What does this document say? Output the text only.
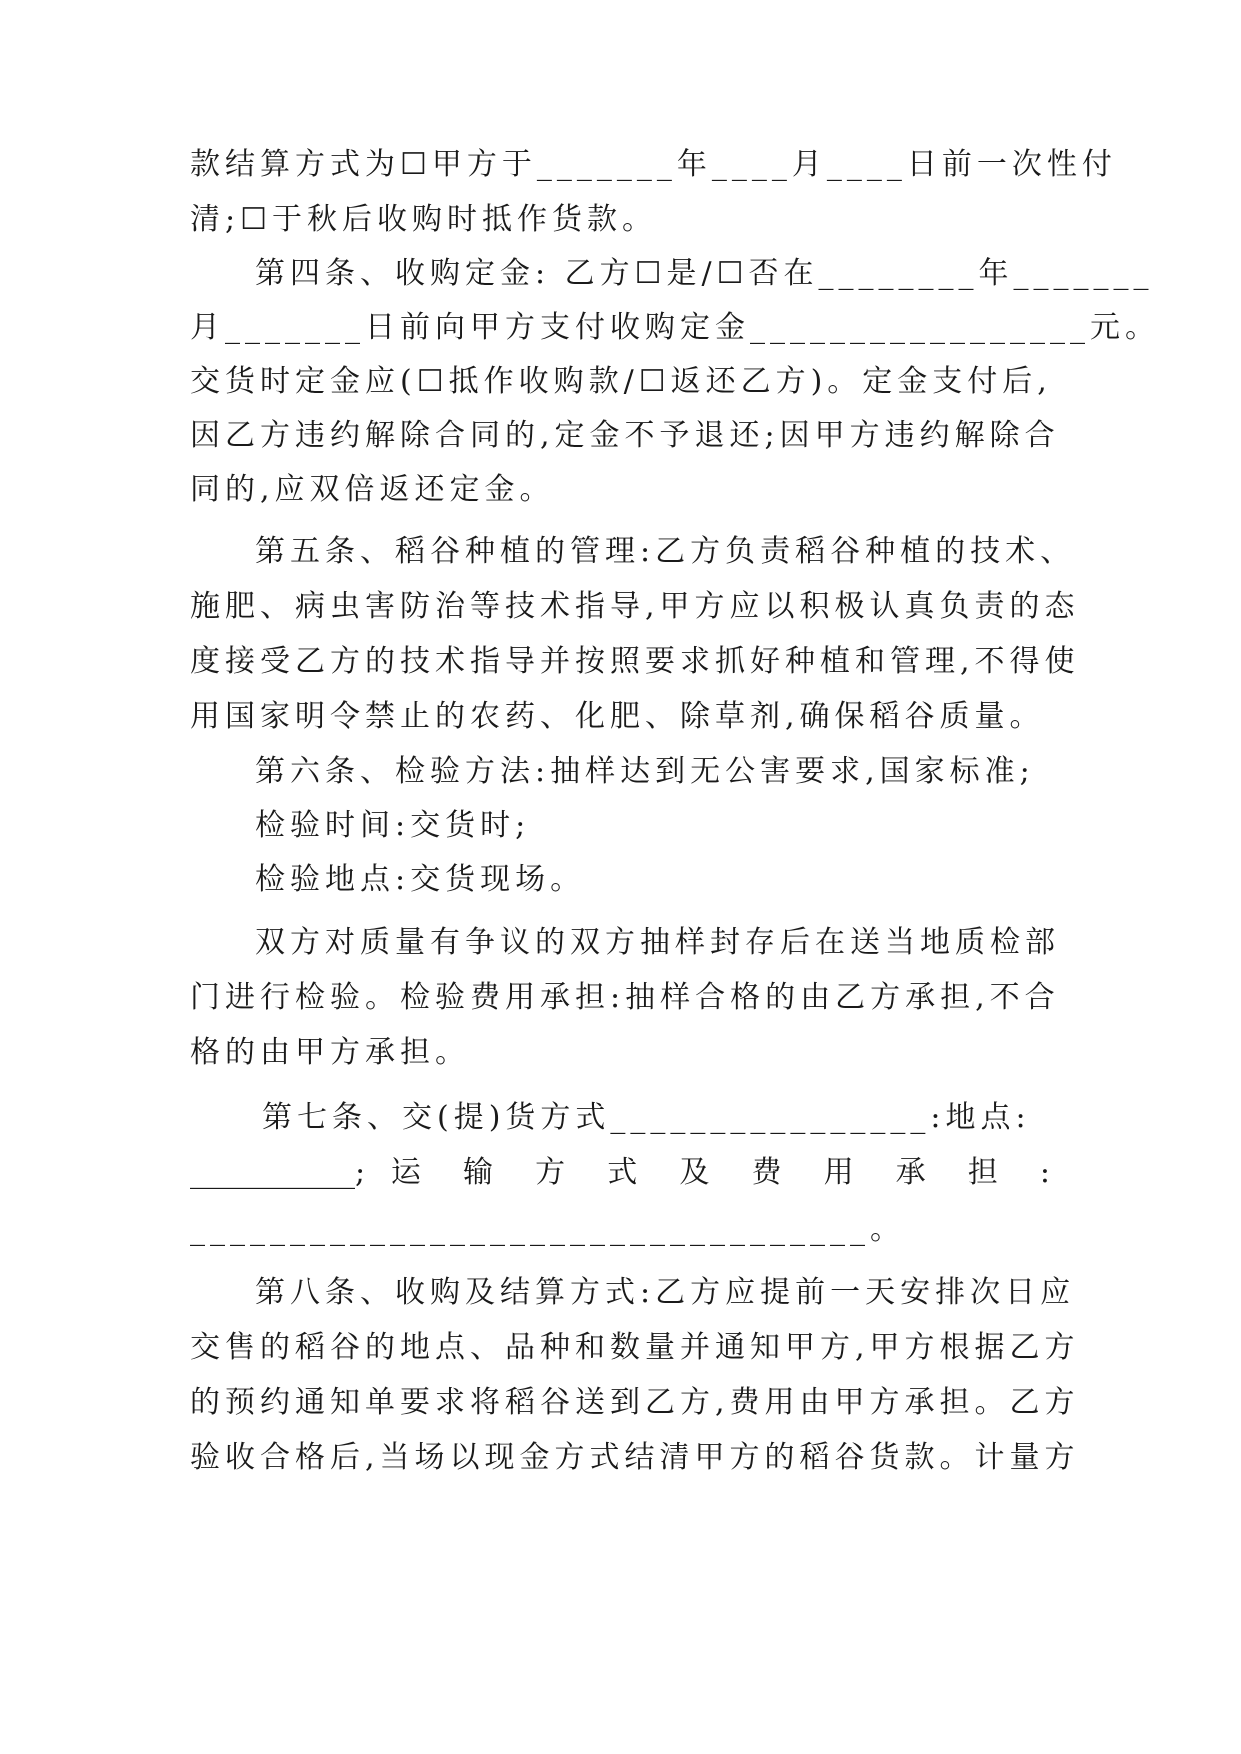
款结算方式为☐甲方于_______年____月____日前一次性付
清;☐于秋后收购时抵作货款。
第四条、收购定金: 乙方☐是/☐否在________年_______
月_______日前向甲方支付收购定金_________________元。
交货时定金应(☐抵作收购款/☐返还乙方)。定金支付后,
因乙方违约解除合同的,定金不予退还;因甲方违约解除合
同的,应双倍返还定金。
第五条、稻谷种植的管理:乙方负责稻谷种植的技术、
施肥、病虫害防治等技术指导,甲方应以积极认真负责的态
度接受乙方的技术指导并按照要求抓好种植和管理,不得使
用国家明令禁止的农药、化肥、除草剂,确保稻谷质量。
第六条、检验方法:抽样达到无公害要求,国家标准;
检验时间:交货时;
检验地点:交货现场。
双方对质量有争议的双方抽样封存后在送当地质检部
门进行检验。检验费用承担:抽样合格的由乙方承担,不合
格的由甲方承担。
第七条、交(提)货方式________________:地点:
___________; 运 输 方 式 及 费 用 承 担 :
__________________________________。
第八条、收购及结算方式:乙方应提前一天安排次日应
交售的稻谷的地点、品种和数量并通知甲方,甲方根据乙方
的预约通知单要求将稻谷送到乙方,费用由甲方承担。乙方
验收合格后,当场以现金方式结清甲方的稻谷货款。计量方
